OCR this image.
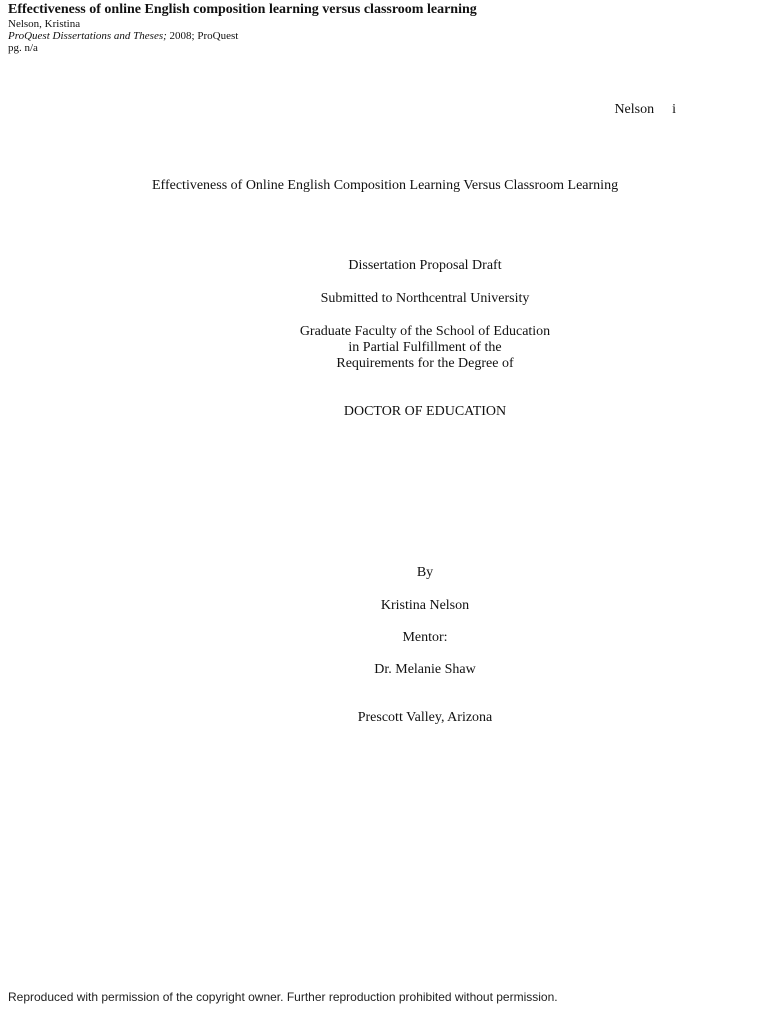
Effectiveness of online English composition learning versus classroom learning
Nelson, Kristina
ProQuest Dissertations and Theses; 2008; ProQuest
pg. n/a
Nelson i
Effectiveness of Online English Composition Learning Versus Classroom Learning
Dissertation Proposal Draft
Submitted to Northcentral University
Graduate Faculty of the School of Education
in Partial Fulfillment of the
Requirements for the Degree of
DOCTOR OF EDUCATION
By
Kristina Nelson
Mentor:
Dr. Melanie Shaw
Prescott Valley, Arizona
Reproduced with permission of the copyright owner. Further reproduction prohibited without permission.
